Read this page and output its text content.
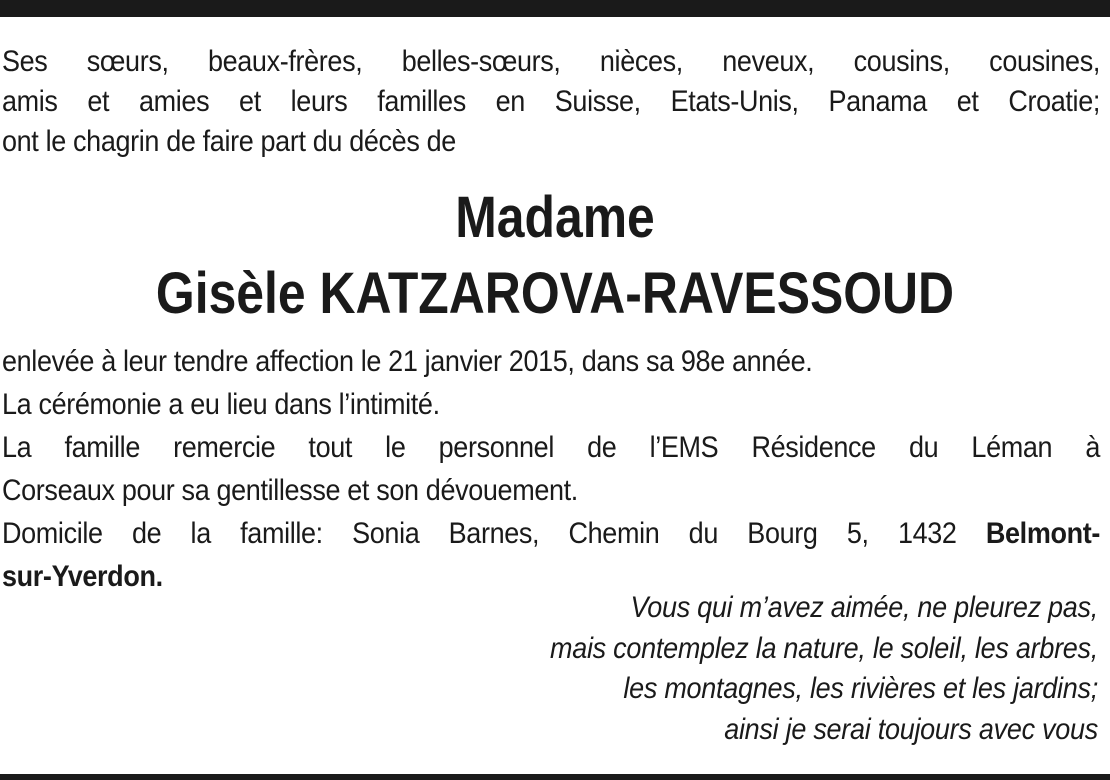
Ses sœurs, beaux-frères, belles-sœurs, nièces, neveux, cousins, cousines,
amis et amies et leurs familles en Suisse, Etats-Unis, Panama et Croatie;
ont le chagrin de faire part du décès de
Madame
Gisèle KATZAROVA-RAVESSOUD
enlevée à leur tendre affection le 21 janvier 2015, dans sa 98e année.
La cérémonie a eu lieu dans l’intimité.
La famille remercie tout le personnel de l’EMS Résidence du Léman à
Corseaux pour sa gentillesse et son dévouement.
Domicile de la famille: Sonia Barnes, Chemin du Bourg 5, 1432 Belmont-
sur-Yverdon.
Vous qui m’avez aimée, ne pleurez pas,
mais contemplez la nature, le soleil, les arbres,
les montagnes, les rivières et les jardins;
ainsi je serai toujours avec vous
